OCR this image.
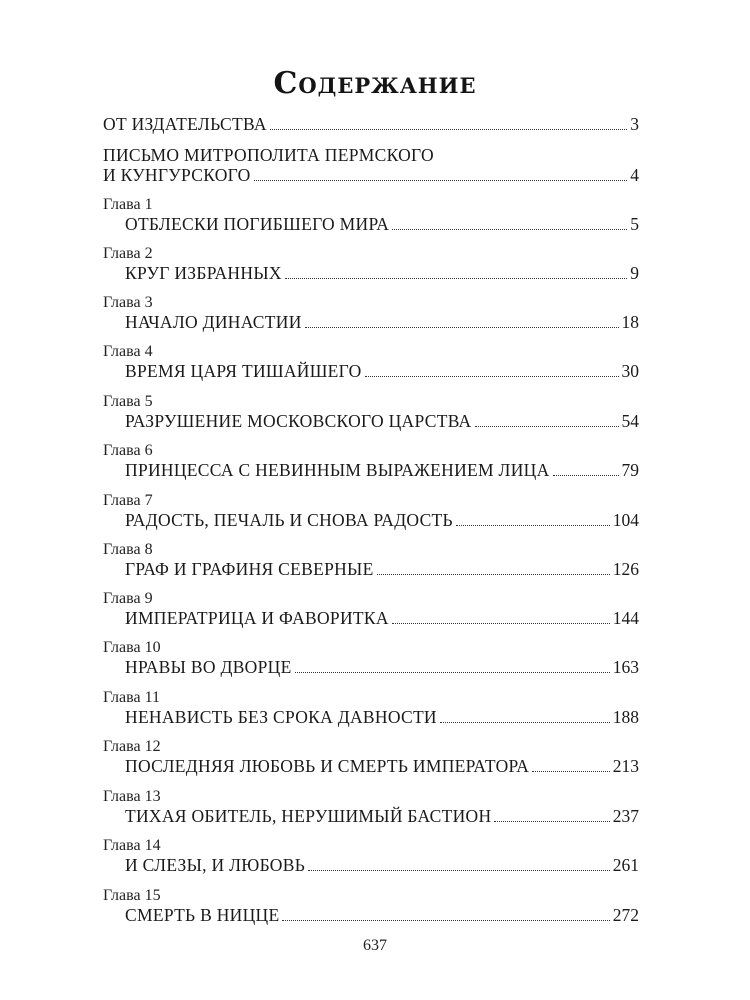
Содержание
ОТ ИЗДАТЕЛЬСТВА	3
ПИСЬМО МИТРОПОЛИТА ПЕРМСКОГО
И КУНГУРСКОГО	4
Глава 1
ОТБЛЕСКИ ПОГИБШЕГО МИРА	5
Глава 2
КРУГ ИЗБРАННЫХ	9
Глава 3
НАЧАЛО ДИНАСТИИ	18
Глава 4
ВРЕМЯ ЦАРЯ ТИШАЙШЕГО	30
Глава 5
РАЗРУШЕНИЕ МОСКОВСКОГО ЦАРСТВА	54
Глава 6
ПРИНЦЕССА С НЕВИННЫМ ВЫРАЖЕНИЕМ ЛИЦА	79
Глава 7
РАДОСТЬ, ПЕЧАЛЬ И СНОВА РАДОСТЬ	104
Глава 8
ГРАФ И ГРАФИНЯ СЕВЕРНЫЕ	126
Глава 9
ИМПЕРАТРИЦА И ФАВОРИТКА	144
Глава 10
НРАВЫ ВО ДВОРЦЕ	163
Глава 11
НЕНАВИСТЬ БЕЗ СРОКА ДАВНОСТИ	188
Глава 12
ПОСЛЕДНЯЯ ЛЮБОВЬ И СМЕРТЬ ИМПЕРАТОРА	213
Глава 13
ТИХАЯ ОБИТЕЛЬ, НЕРУШИМЫЙ БАСТИОН	237
Глава 14
И СЛЕЗЫ, И ЛЮБОВЬ	261
Глава 15
СМЕРТЬ В НИЦЦЕ	272
637
